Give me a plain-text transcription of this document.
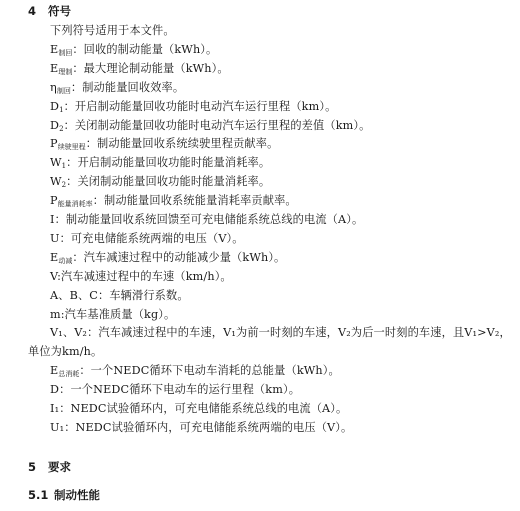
4 符号
下列符号适用于本文件。
$E_{制回}$：回收的制动能量（kWh）。
$E_{理制}$：最大理论制动能量（kWh）。
$\eta_{制回}$：制动能量回收效率。
$D_1$：开启制动能量回收功能时电动汽车运行里程（km）。
$D_2$：关闭制动能量回收功能时电动汽车运行里程的差值（km）。
$P_{续驶里程}$：制动能量回收系统续驶里程贡献率。
$W_1$：开启制动能量回收功能时能量消耗率。
$W_2$：关闭制动能量回收功能时能量消耗率。
$P_{能量消耗率}$：制动能量回收系统能量消耗率贡献率。
I：制动能量回收系统回馈至可充电储能系统总线的电流（A）。
U：可充电储能系统两端的电压（V）。
$E_{动减}$：汽车减速过程中的动能减少量（kWh）。
V:汽车减速过程中的车速（km/h）。
A、B、C：车辆滑行系数。
m:汽车基准质量（kg）。
V₁、V₂：汽车减速过程中的车速，V₁为前一时刻的车速，V₂为后一时刻的车速，且V₁>V₂，
单位为km/h。
$E_{总消耗}$：一个NEDC循环下电动车消耗的总能量（kWh）。
D：一个NEDC循环下电动车的运行里程（km）。
I₁：NEDC试验循环内，可充电储能系统总线的电流（A）。
U₁：NEDC试验循环内，可充电储能系统两端的电压（V）。
5 要求
5.1 制动性能
